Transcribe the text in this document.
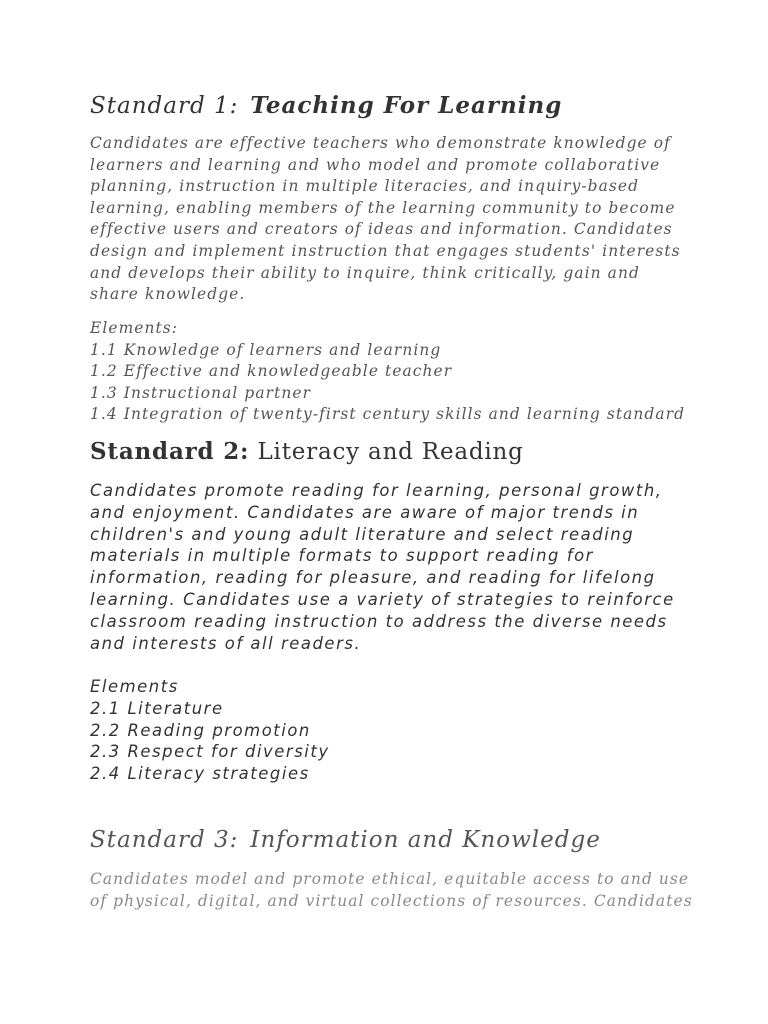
Standard 1: Teaching For Learning
Candidates are effective teachers who demonstrate knowledge of learners and learning and who model and promote collaborative planning, instruction in multiple literacies, and inquiry-based learning, enabling members of the learning community to become effective users and creators of ideas and information. Candidates design and implement instruction that engages students' interests and develops their ability to inquire, think critically, gain and share knowledge.
Elements:
1.1 Knowledge of learners and learning
1.2 Effective and knowledgeable teacher
1.3 Instructional partner
1.4 Integration of twenty-first century skills and learning standard
Standard 2: Literacy and Reading
Candidates promote reading for learning, personal growth, and enjoyment. Candidates are aware of major trends in children's and young adult literature and select reading materials in multiple formats to support reading for information, reading for pleasure, and reading for lifelong learning. Candidates use a variety of strategies to reinforce classroom reading instruction to address the diverse needs and interests of all readers.
Elements
2.1 Literature
2.2 Reading promotion
2.3 Respect for diversity
2.4 Literacy strategies
Standard 3: Information and Knowledge
Candidates model and promote ethical, equitable access to and use
of physical, digital, and virtual collections of resources. Candidates
